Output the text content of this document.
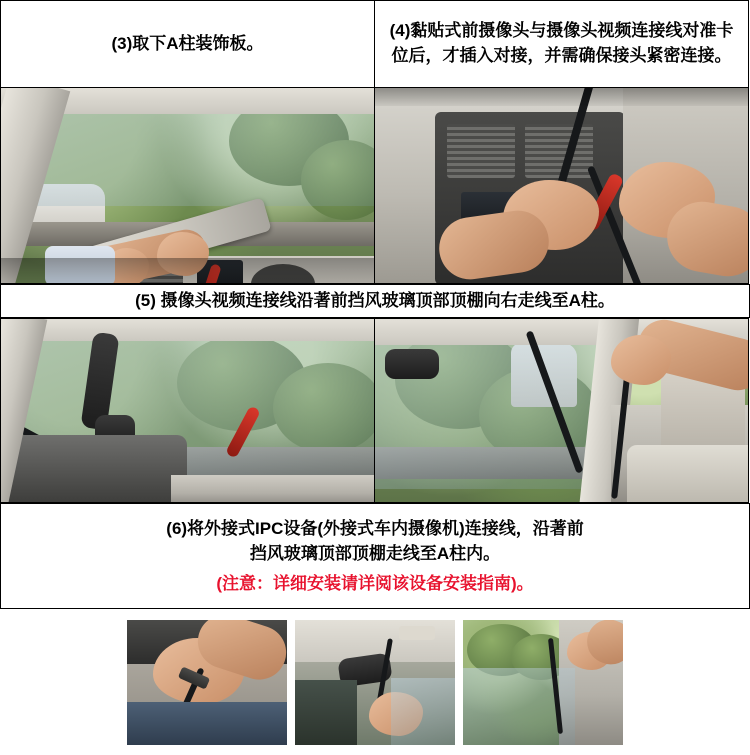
(3)取下A柱装饰板。
(4)黏贴式前摄像头与摄像头视频连接线对准卡位后，才插入对接，并需确保接头紧密连接。
(5) 摄像头视频连接线沿著前挡风玻璃顶部顶棚向右走线至A柱。
(6)将外接式IPC设备(外接式车内摄像机)连接线，沿著前
挡风玻璃顶部顶棚走线至A柱内。
(注意：详细安装请详阅该设备安装指南)。
